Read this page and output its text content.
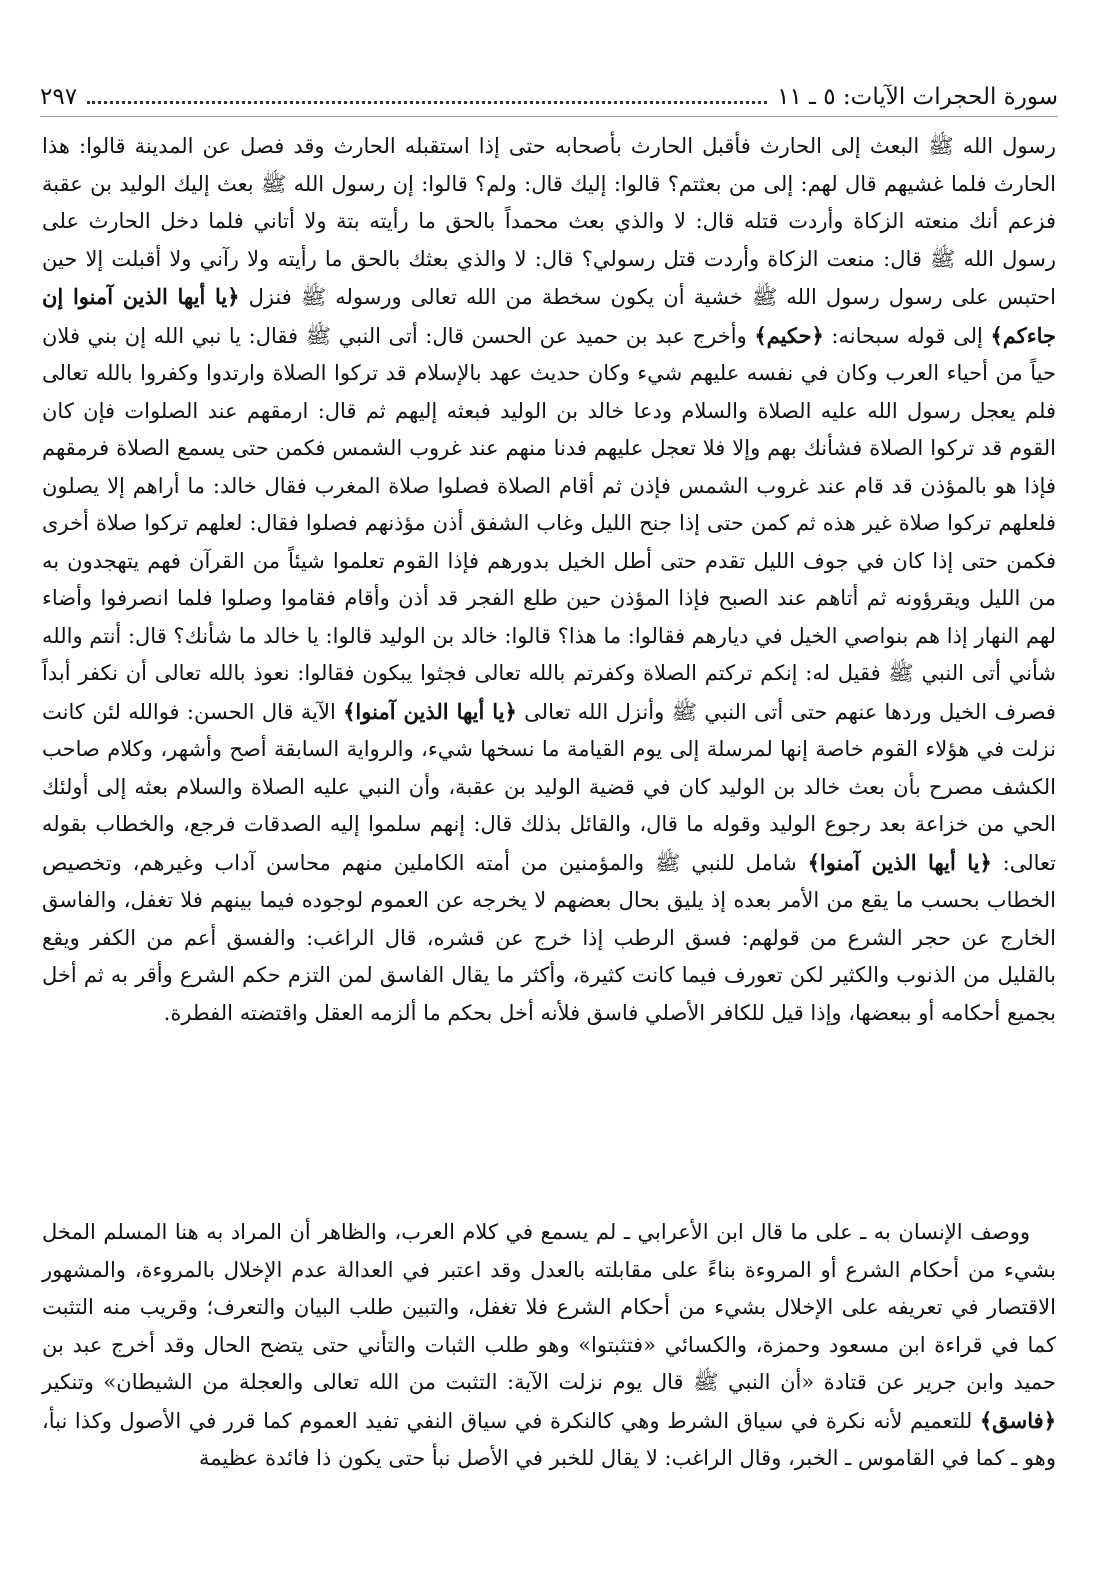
سورة الحجرات الآيات: ٥ ـ ١١
٢٩٧
رسول الله ﷺ البعث إلى الحارث فأقبل الحارث بأصحابه حتى إذا استقبله الحارث وقد فصل عن المدينة قالوا: هذا الحارث فلما غشيهم قال لهم: إلى من بعثتم؟ قالوا: إليك قال: ولم؟ قالوا: إن رسول الله ﷺ بعث إليك الوليد بن عقبة فزعم أنك منعته الزكاة وأردت قتله قال: لا والذي بعث محمداً بالحق ما رأيته بتة ولا أتاني فلما دخل الحارث على رسول الله ﷺ قال: منعت الزكاة وأردت قتل رسولي؟ قال: لا والذي بعثك بالحق ما رأيته ولا رآني ولا أقبلت إلا حين احتبس على رسول رسول الله ﷺ خشية أن يكون سخطة من الله تعالى ورسوله ﷺ فنزل ﴿يا أيها الذين آمنوا إن جاءكم﴾ إلى قوله سبحانه: ﴿حكيم﴾ وأخرج عبد بن حميد عن الحسن قال: أتى النبي ﷺ فقال: يا نبي الله إن بني فلان حياً من أحياء العرب وكان في نفسه عليهم شيء وكان حديث عهد بالإسلام قد تركوا الصلاة وارتدوا وكفروا بالله تعالى فلم يعجل رسول الله عليه الصلاة والسلام ودعا خالد بن الوليد فبعثه إليهم ثم قال: ارمقهم عند الصلوات فإن كان القوم قد تركوا الصلاة فشأنك بهم وإلا فلا تعجل عليهم فدنا منهم عند غروب الشمس فكمن حتى يسمع الصلاة فرمقهم فإذا هو بالمؤذن قد قام عند غروب الشمس فإذن ثم أقام الصلاة فصلوا صلاة المغرب فقال خالد: ما أراهم إلا يصلون فلعلهم تركوا صلاة غير هذه ثم كمن حتى إذا جنح الليل وغاب الشفق أذن مؤذنهم فصلوا فقال: لعلهم تركوا صلاة أخرى فكمن حتى إذا كان في جوف الليل تقدم حتى أطل الخيل بدورهم فإذا القوم تعلموا شيئاً من القرآن فهم يتهجدون به من الليل ويقرؤونه ثم أتاهم عند الصبح فإذا المؤذن حين طلع الفجر قد أذن وأقام فقاموا وصلوا فلما انصرفوا وأضاء لهم النهار إذا هم بنواصي الخيل في ديارهم فقالوا: ما هذا؟ قالوا: خالد بن الوليد قالوا: يا خالد ما شأنك؟ قال: أنتم والله شأني أتى النبي ﷺ فقيل له: إنكم تركتم الصلاة وكفرتم بالله تعالى فجثوا يبكون فقالوا: نعوذ بالله تعالى أن نكفر أبداً فصرف الخيل وردها عنهم حتى أتى النبي ﷺ وأنزل الله تعالى ﴿يا أيها الذين آمنوا﴾ الآية قال الحسن: فوالله لئن كانت نزلت في هؤلاء القوم خاصة إنها لمرسلة إلى يوم القيامة ما نسخها شيء، والرواية السابقة أصح وأشهر، وكلام صاحب الكشف مصرح بأن بعث خالد بن الوليد كان في قضية الوليد بن عقبة، وأن النبي عليه الصلاة والسلام بعثه إلى أولئك الحي من خزاعة بعد رجوع الوليد وقوله ما قال، والقائل بذلك قال: إنهم سلموا إليه الصدقات فرجع، والخطاب بقوله تعالى: ﴿يا أيها الذين آمنوا﴾ شامل للنبي ﷺ والمؤمنين من أمته الكاملين منهم محاسن آداب وغيرهم، وتخصيص الخطاب بحسب ما يقع من الأمر بعده إذ يليق بحال بعضهم لا يخرجه عن العموم لوجوده فيما بينهم فلا تغفل، والفاسق الخارج عن حجر الشرع من قولهم: فسق الرطب إذا خرج عن قشره، قال الراغب: والفسق أعم من الكفر ويقع بالقليل من الذنوب والكثير لكن تعورف فيما كانت كثيرة، وأكثر ما يقال الفاسق لمن التزم حكم الشرع وأقر به ثم أخل بجميع أحكامه أو ببعضها، وإذا قيل للكافر الأصلي فاسق فلأنه أخل بحكم ما ألزمه العقل واقتضته الفطرة.
ووصف الإنسان به ـ على ما قال ابن الأعرابي ـ لم يسمع في كلام العرب، والظاهر أن المراد به هنا المسلم المخل بشيء من أحكام الشرع أو المروءة بناءً على مقابلته بالعدل وقد اعتبر في العدالة عدم الإخلال بالمروءة، والمشهور الاقتصار في تعريفه على الإخلال بشيء من أحكام الشرع فلا تغفل، والتبين طلب البيان والتعرف؛ وقريب منه التثبت كما في قراءة ابن مسعود وحمزة، والكسائي «فتثبتوا» وهو طلب الثبات والتأني حتى يتضح الحال وقد أخرج عبد بن حميد وابن جرير عن قتادة «أن النبي ﷺ قال يوم نزلت الآية: التثبت من الله تعالى والعجلة من الشيطان» وتنكير ﴿فاسق﴾ للتعميم لأنه نكرة في سياق الشرط وهي كالنكرة في سياق النفي تفيد العموم كما قرر في الأصول وكذا نبأ، وهو ـ كما في القاموس ـ الخبر، وقال الراغب: لا يقال للخبر في الأصل نبأ حتى يكون ذا فائدة عظيمة
